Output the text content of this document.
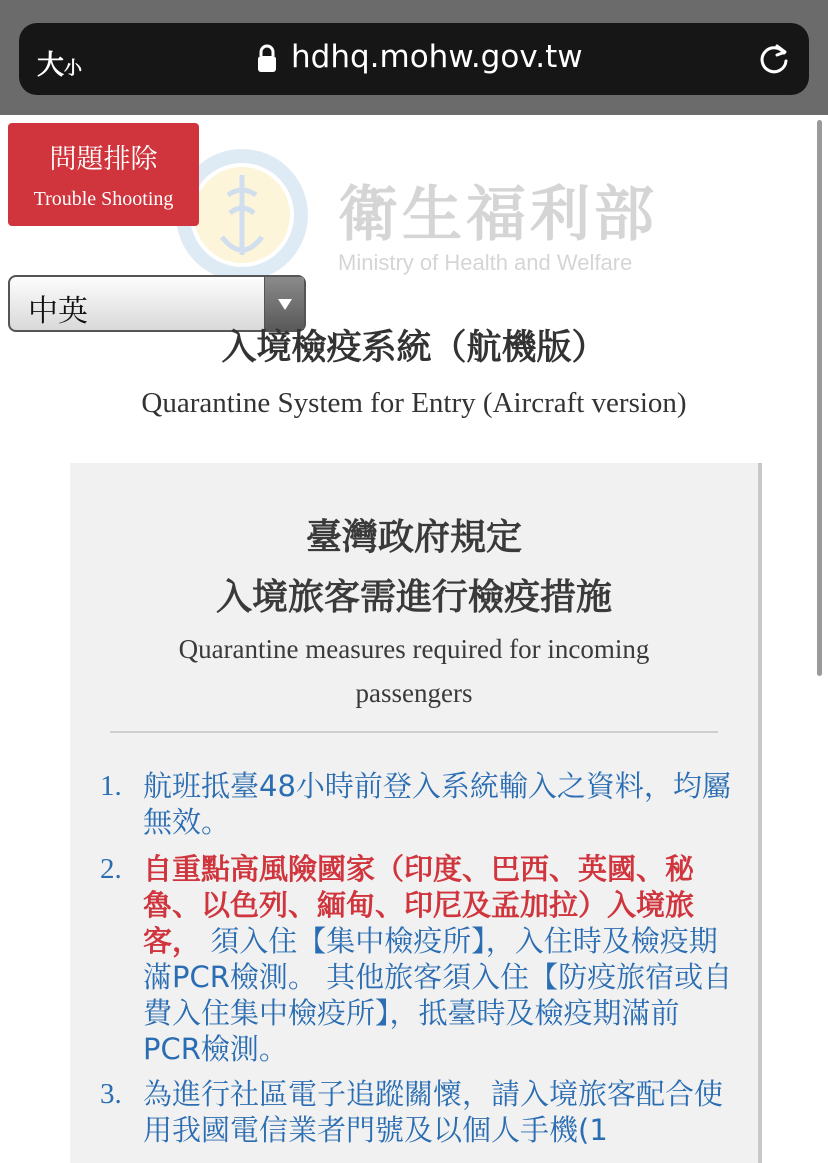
大小	hdhq.mohw.gov.tw
衛生福利部
Ministry of Health and Welfare
問題排除
Trouble Shooting
中英
入境檢疫系統（航機版）
Quarantine System for Entry (Aircraft version)
臺灣政府規定
入境旅客需進行檢疫措施
Quarantine measures required for incoming passengers
1. 航班抵臺48小時前登入系統輸入之資料，均屬無效。
2. 自重點高風險國家（印度、巴西、英國、秘魯、以色列、緬甸、印尼及孟加拉）入境旅客， 須入住【集中檢疫所】，入住時及檢疫期滿PCR檢測。 其他旅客須入住【防疫旅宿或自費入住集中檢疫所】，抵臺時及檢疫期滿前PCR檢測。
3. 為進行社區電子追蹤關懷，請入境旅客配合使用我國電信業者門號及以個人手機(1
